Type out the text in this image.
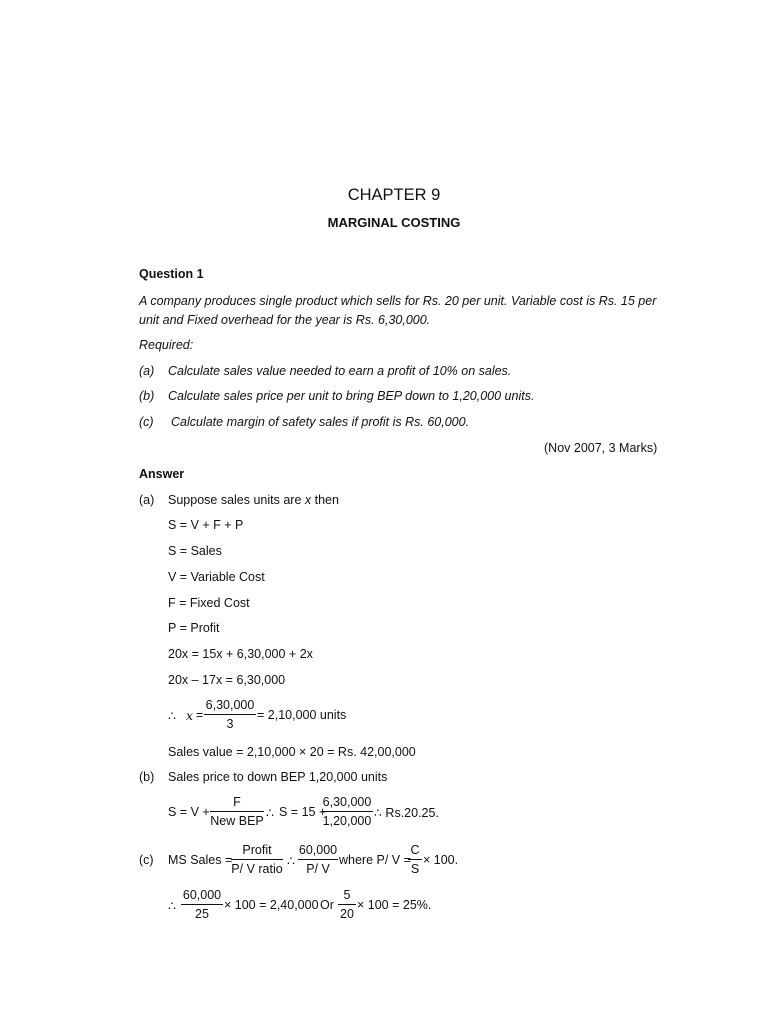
CHAPTER 9
MARGINAL COSTING
Question 1
A company produces single product which sells for Rs. 20 per unit. Variable cost is Rs. 15 per
unit and Fixed overhead for the year is Rs. 6,30,000.
Required:
(a) Calculate sales value needed to earn a profit of 10% on sales.
(b) Calculate sales price per unit to bring BEP down to 1,20,000 units.
(c) Calculate margin of safety sales if profit is Rs. 60,000.
(Nov 2007, 3 Marks)
Answer
(a) Suppose sales units are x then
S = V + F + P
S = Sales
V = Variable Cost
F = Fixed Cost
P = Profit
20x = 15x + 6,30,000 + 2x
20x – 17x = 6,30,000
∴ x =
6,30,000
3
= 2,10,000 units
Sales value = 2,10,000 × 20 = Rs. 42,00,000
(b) Sales price to down BEP 1,20,000 units
S = V +
F
New BEP
∴ S = 15 +
6,30,000
1,20,000
∴ Rs.20.25.
(c) MS Sales =
Profit
P/ V ratio
∴
60,000
P/ V
where P/ V =
C
S
× 100.
∴
60,000
25
× 100 = 2,40,000 Or
5
20
× 100 = 25%.
